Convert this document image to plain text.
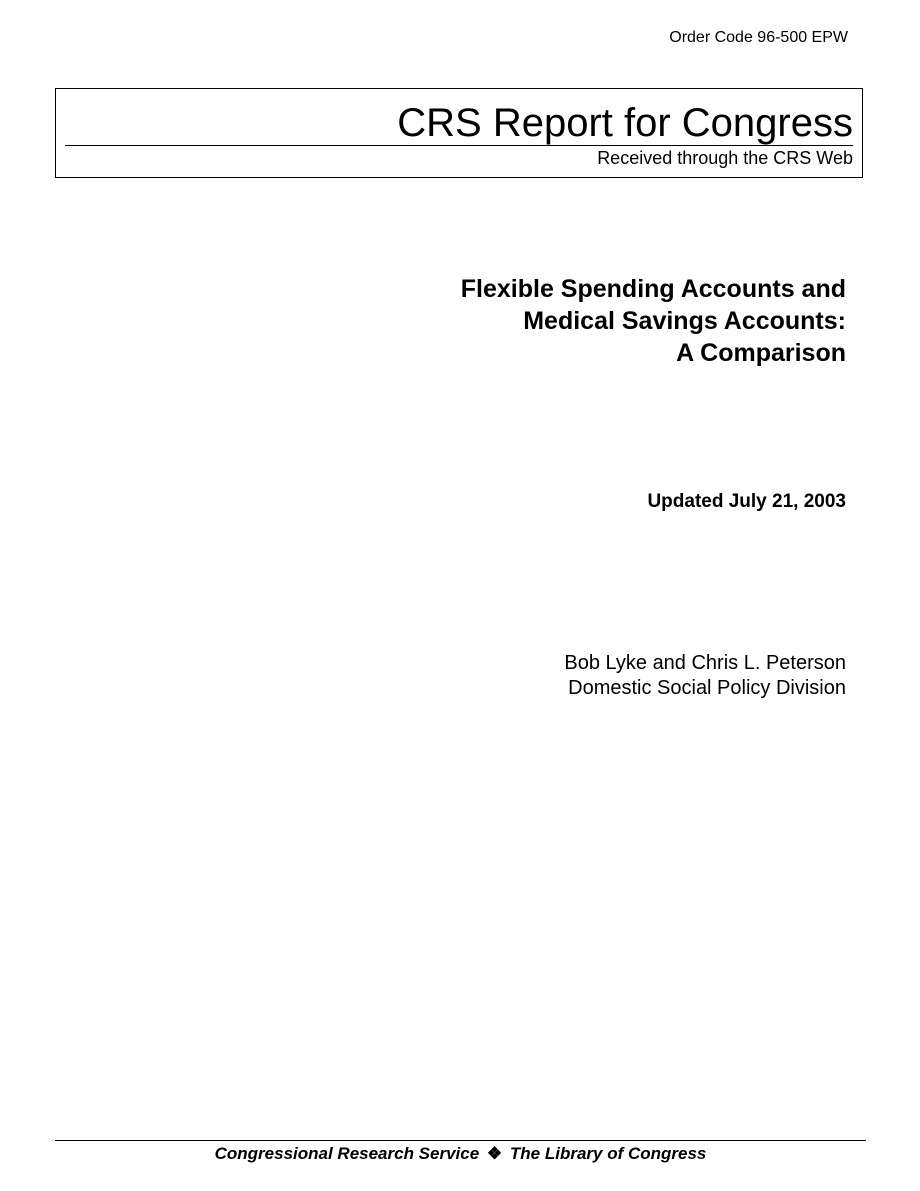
Order Code 96-500 EPW
CRS Report for Congress
Received through the CRS Web
Flexible Spending Accounts and
Medical Savings Accounts:
A Comparison
Updated July 21, 2003
Bob Lyke and Chris L. Peterson
Domestic Social Policy Division
Congressional Research Service ❖ The Library of Congress
